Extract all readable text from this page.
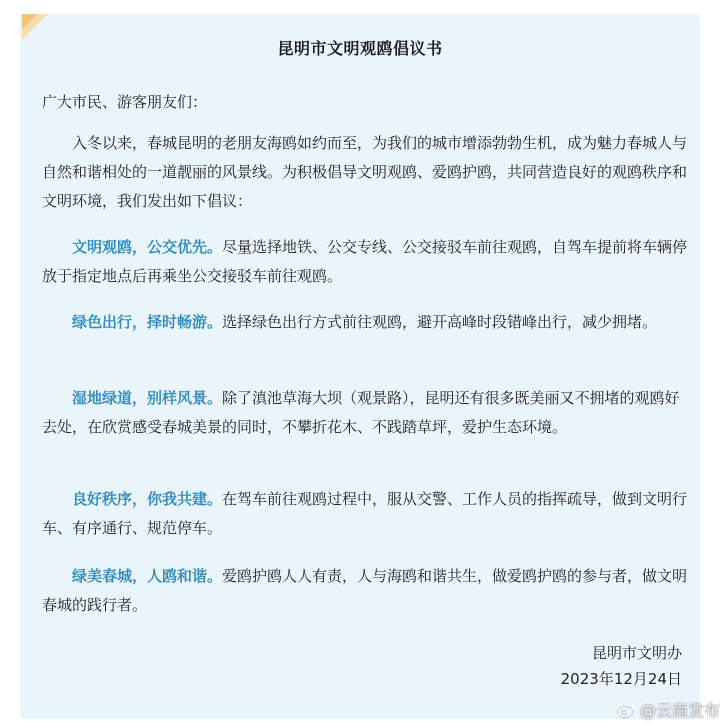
昆明市文明观鸥倡议书

广大市民、游客朋友们：

入冬以来，春城昆明的老朋友海鸥如约而至，为我们的城市增添勃勃生机，成为魅力春城人与自然和谐相处的一道靓丽的风景线。为积极倡导文明观鸥、爱鸥护鸥，共同营造良好的观鸥秩序和文明环境，我们发出如下倡议：

文明观鸥，公交优先。尽量选择地铁、公交专线、公交接驳车前往观鸥，自驾车提前将车辆停放于指定地点后再乘坐公交接驳车前往观鸥。

绿色出行，择时畅游。选择绿色出行方式前往观鸥，避开高峰时段错峰出行，减少拥堵。

湿地绿道，别样风景。除了滇池草海大坝（观景路），昆明还有很多既美丽又不拥堵的观鸥好去处，在欣赏感受春城美景的同时，不攀折花木、不践踏草坪，爱护生态环境。

良好秩序，你我共建。在驾车前往观鸥过程中，服从交警、工作人员的指挥疏导，做到文明行车、有序通行、规范停车。

绿美春城，人鸥和谐。爱鸥护鸥人人有责，人与海鸥和谐共生，做爱鸥护鸥的参与者，做文明春城的践行者。

昆明市文明办
2023年12月24日
@云南发布
